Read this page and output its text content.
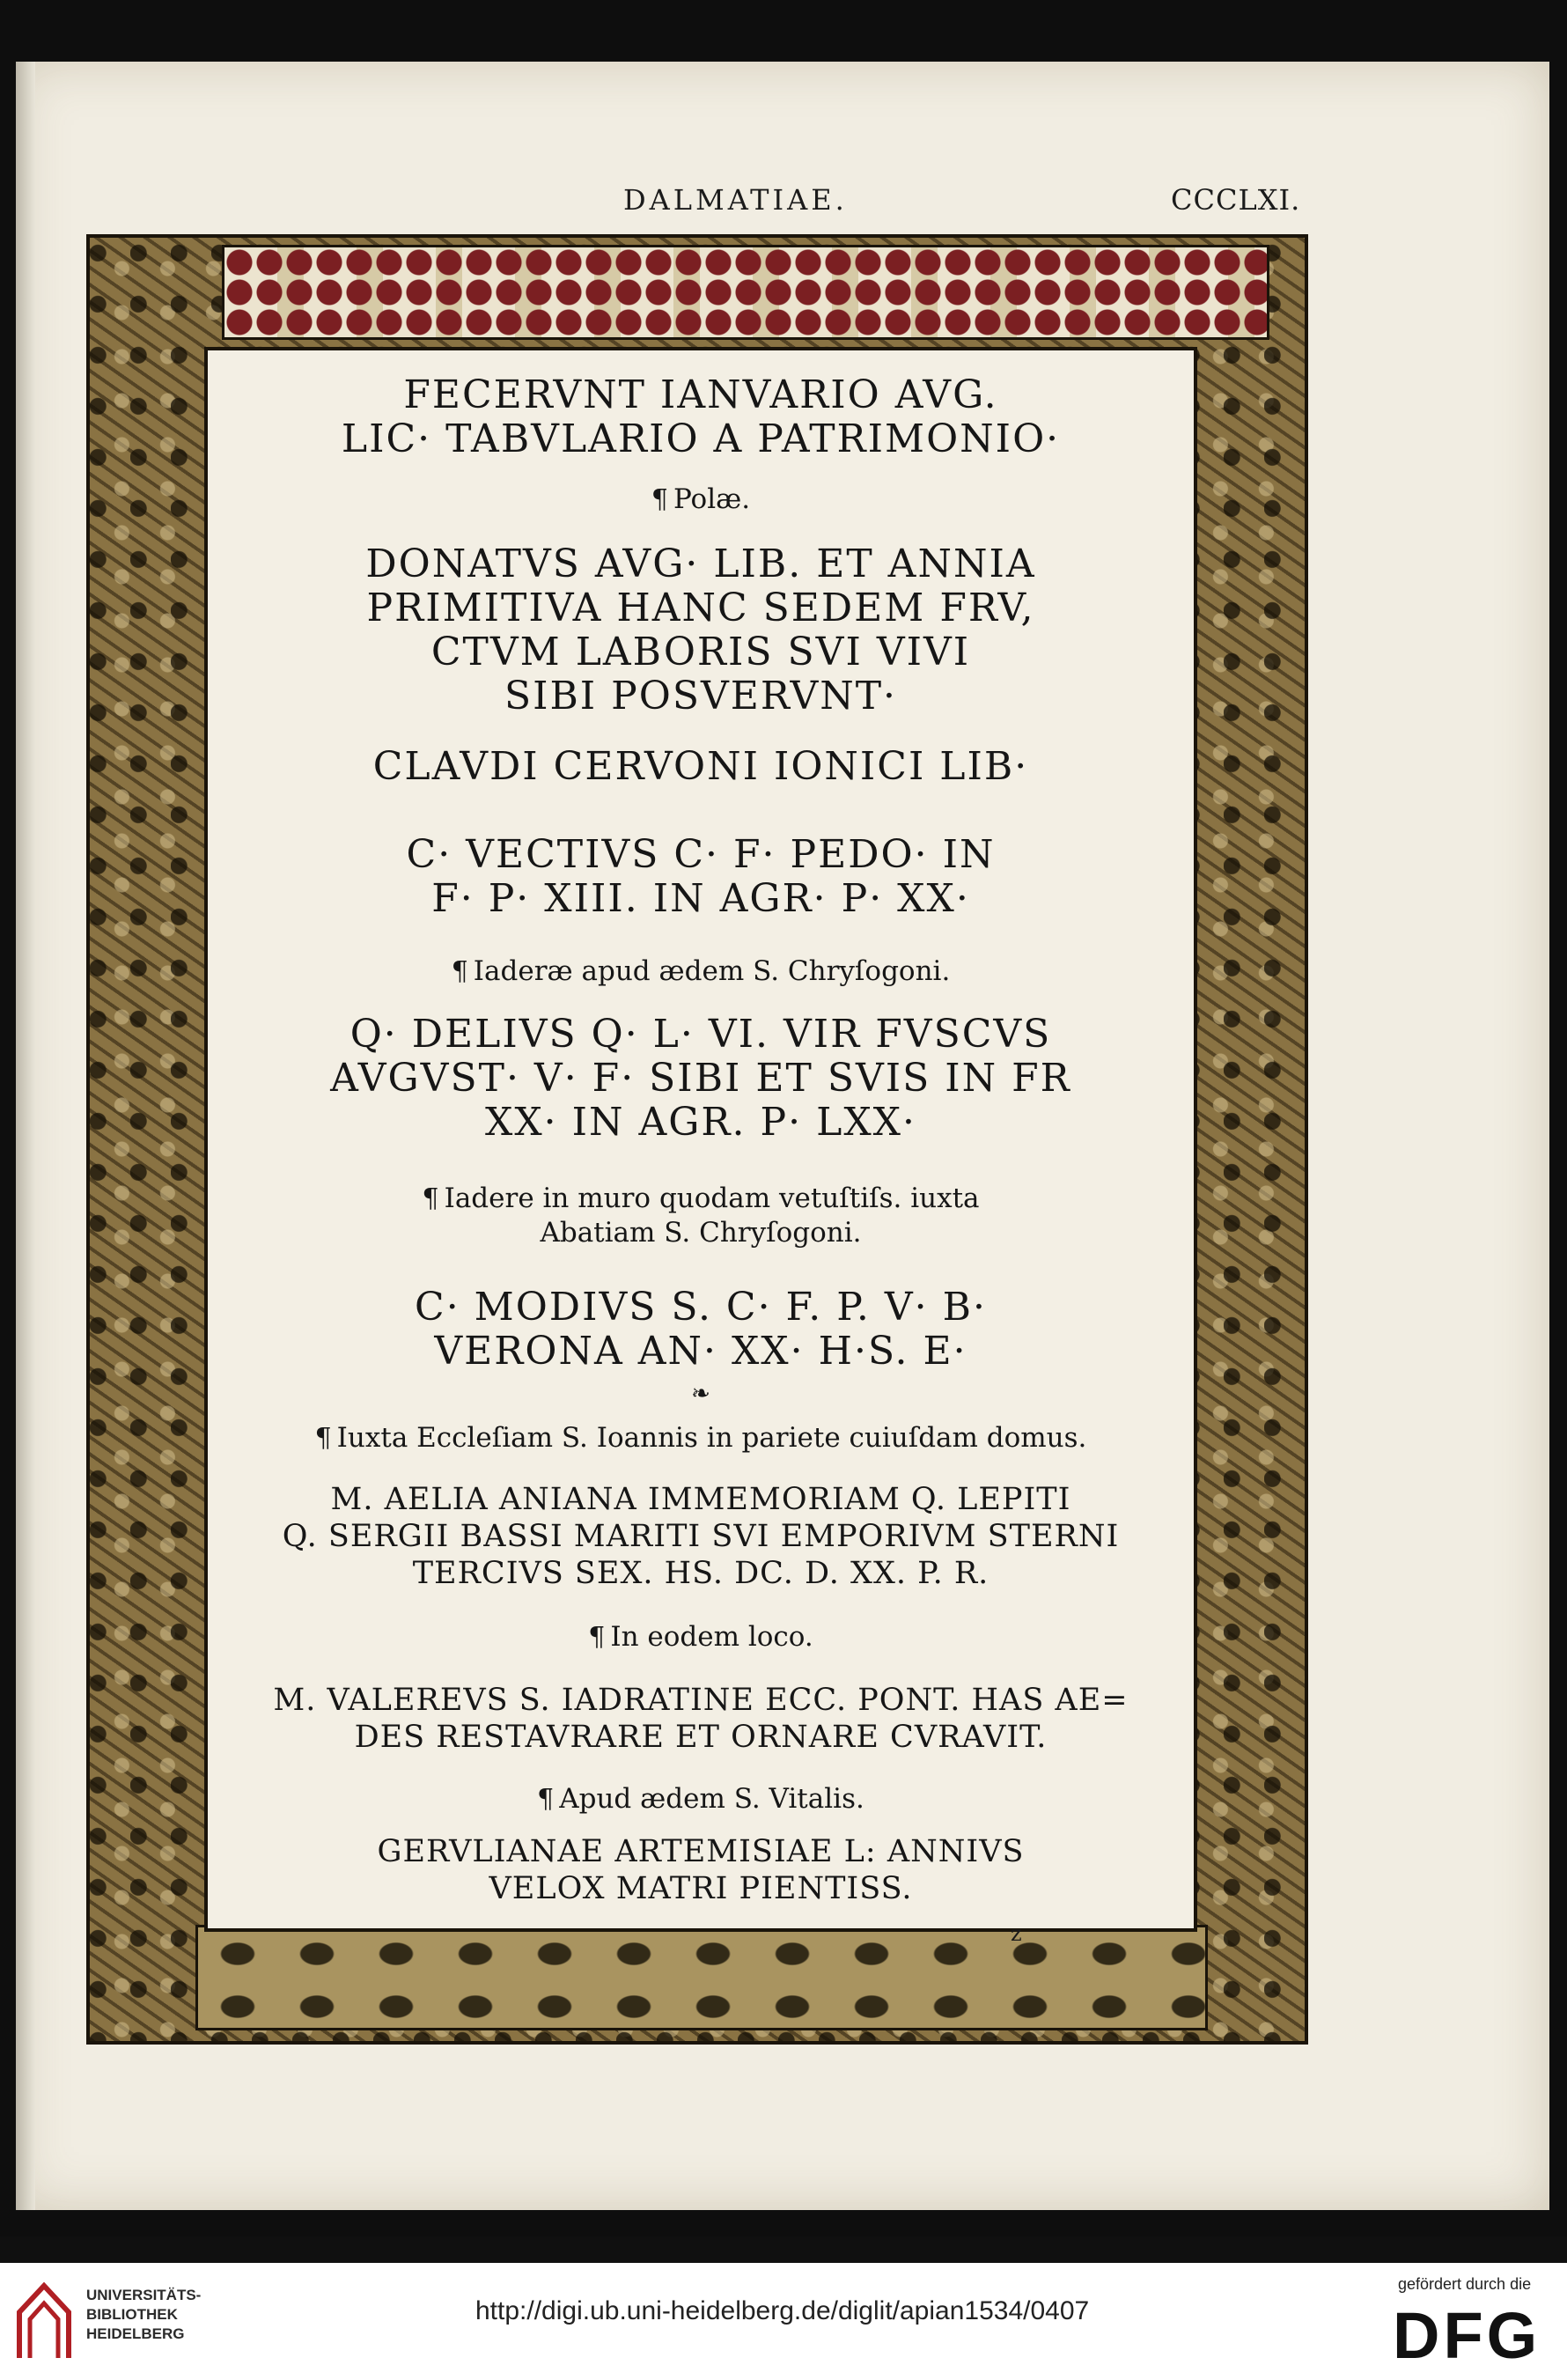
DALMATIAE.	CCCLXI.
FECERVNT IANVARIO AVG.
LIC· TABVLARIO A PATRIMONIO·
¶ Polæ.
DONATVS AVG· LIB. ET ANNIA
PRIMITIVA HANC SEDEM FRV,
CTVM LABORIS SVI VIVI
SIBI POSVERVNT·
CLAVDI CERVONI IONICI LIB·
C· VECTIVS C· F· PEDO· IN
F· P· XIII. IN AGR· P· XX·
¶ Iaderæ apud ædem S. Chryſogoni.
Q· DELIVS Q· L· VI. VIR FVSCVS
AVGVST· V· F· SIBI ET SVIS IN FR
XX· IN AGR. P· LXX·
¶ Iadere in muro quodam vetuſtiſs. iuxta
Abatiam S. Chryſogoni.
C· MODIVS S. C· F. P. V· B·
VERONA AN· XX· H·S. E·
❧
¶ Iuxta Eccleſiam S. Ioannis in pariete cuiuſdam domus.
M. AELIA ANIANA IMMEMORIAM Q. LEPITI
Q. SERGII BASSI MARITI SVI EMPORIVM STERNI
TERCIVS SEX. HS. DC. D. XX. P. R.
¶ In eodem loco.
M. VALEREVS S. IADRATINE ECC. PONT. HAS AE=
DES RESTAVRARE ET ORNARE CVRAVIT.
¶ Apud ædem S. Vitalis.
GERVLIANAE ARTEMISIAE L: ANNIVS
VELOX MATRI PIENTISS.
z
UNIVERSITÄTS-
BIBLIOTHEK
HEIDELBERG
http://digi.ub.uni-heidelberg.de/diglit/apian1534/0407
gefördert durch die
DFG
